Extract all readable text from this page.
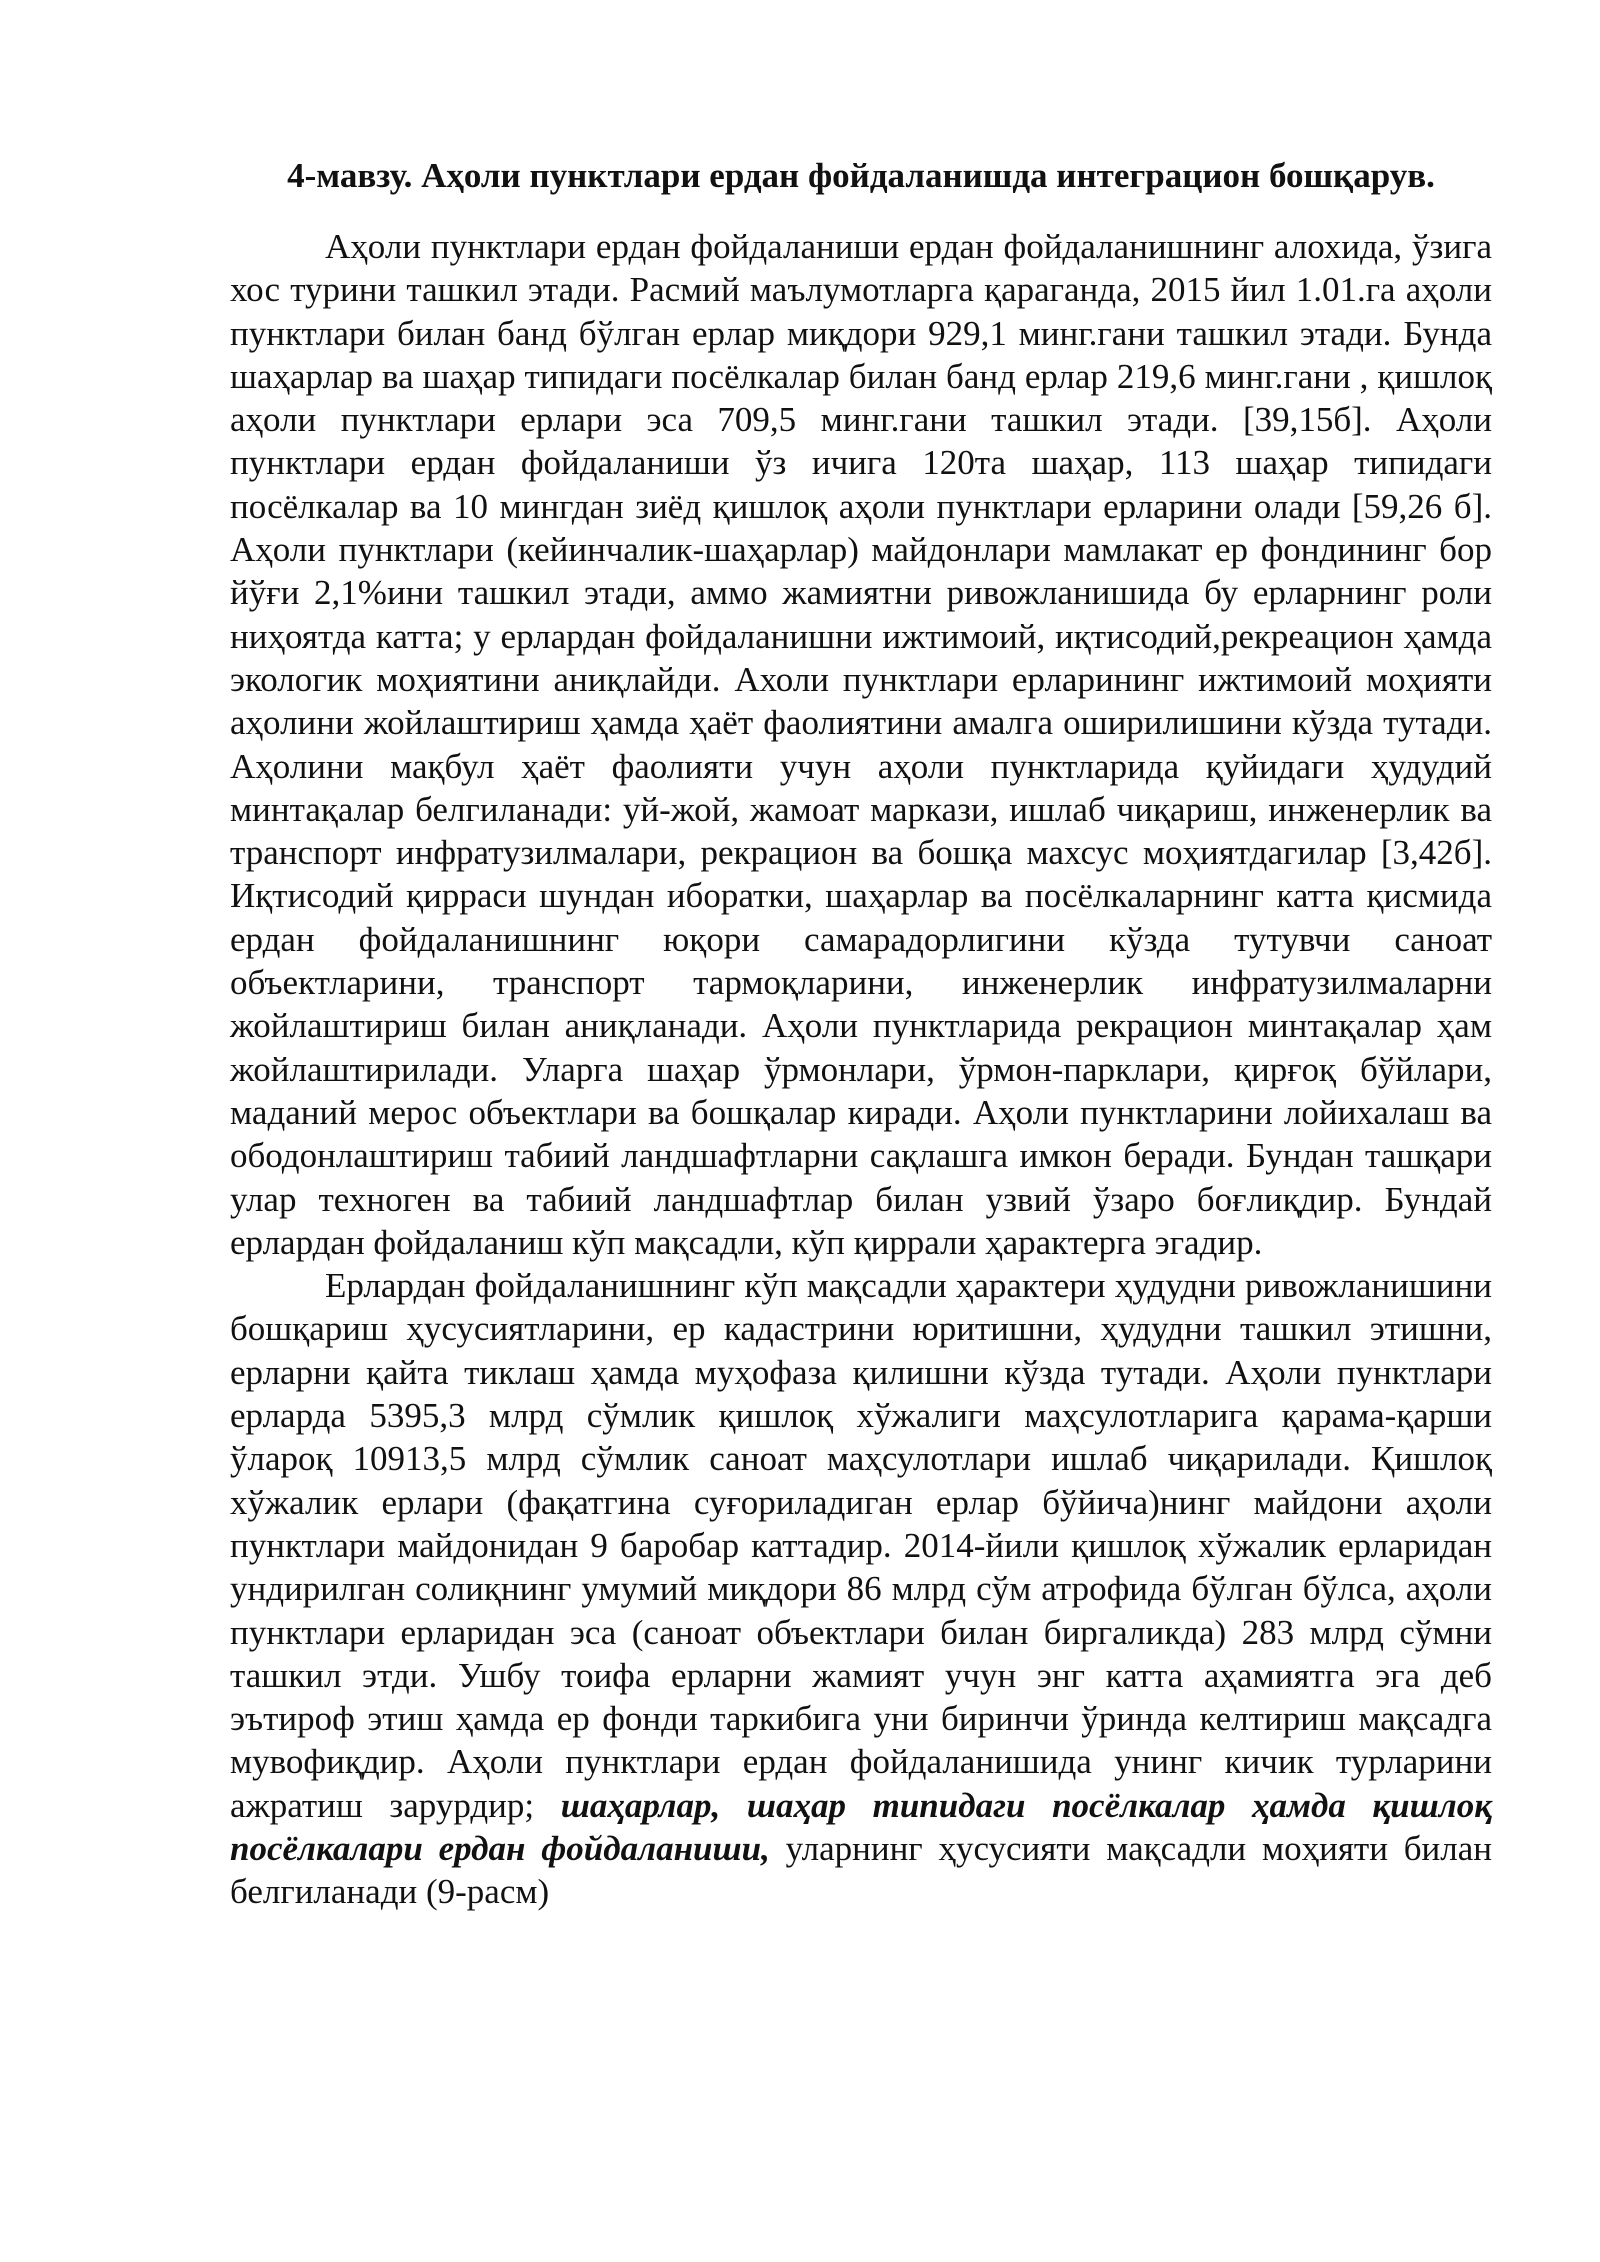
4-мавзу. Аҳоли пунктлари ердан фойдаланишда интеграцион бошқарув.

Аҳоли пунктлари ердан фойдаланиши ердан фойдаланишнинг алохида, ўзига хос турини ташкил этади. Расмий маълумотларга қараганда, 2015 йил 1.01.га аҳоли пунктлари билан банд бўлган ерлар миқдори 929,1 минг.гани ташкил этади. Бунда шаҳарлар ва шаҳар типидаги посёлкалар билан банд ерлар 219,6 минг.гани , қишлоқ аҳоли пунктлари ерлари эса 709,5 минг.гани ташкил этади. [39,15б]. Аҳоли пунктлари ердан фойдаланиши ўз ичига 120та шаҳар, 113 шаҳар типидаги посёлкалар ва 10 мингдан зиёд қишлоқ аҳоли пунктлари ерларини олади [59,26 б]. Аҳоли пунктлари (кейинчалик-шаҳарлар) майдонлари мамлакат ер фондининг бор йўғи 2,1%ини ташкил этади, аммо жамиятни ривожланишида бу ерларнинг роли ниҳоятда катта; у ерлардан фойдаланишни ижтимоий, иқтисодий,рекреацион ҳамда экологик моҳиятини аниқлайди. Ахоли пунктлари ерларининг ижтимоий моҳияти аҳолини жойлаштириш ҳамда ҳаёт фаолиятини амалга оширилишини кўзда тутади. Аҳолини мақбул ҳаёт фаолияти учун аҳоли пунктларида қуйидаги ҳудудий минтақалар белгиланади: уй-жой, жамоат маркази, ишлаб чиқариш, инженерлик ва транспорт инфратузилмалари, рекрацион ва бошқа махсус моҳиятдагилар [3,42б]. Иқтисодий қирраси шундан иборатки, шаҳарлар ва посёлкаларнинг катта қисмида ердан фойдаланишнинг юқори самарадорлигини кўзда тутувчи саноат объектларини, транспорт тармоқларини, инженерлик инфратузилмаларни жойлаштириш билан аниқланади. Аҳоли пунктларида рекрацион минтақалар ҳам жойлаштирилади. Уларга шаҳар ўрмонлари, ўрмон-парклари, қирғоқ бўйлари, маданий мерос объектлари ва бошқалар киради. Аҳоли пунктларини лойихалаш ва ободонлаштириш табиий ландшафтларни сақлашга имкон беради. Бундан ташқари улар техноген ва табиий ландшафтлар билан узвий ўзаро боғлиқдир. Бундай ерлардан фойдаланиш кўп мақсадли, кўп қиррали ҳарактерга эгадир.

Ерлардан фойдаланишнинг кўп мақсадли ҳарактери ҳудудни ривожланишини бошқариш ҳусусиятларини, ер кадастрини юритишни, ҳудудни ташкил этишни, ерларни қайта тиклаш ҳамда муҳофаза қилишни кўзда тутади. Аҳоли пунктлари ерларда 5395,3 млрд сўмлик қишлоқ хўжалиги маҳсулотларига қарама-қарши ўлароқ 10913,5 млрд сўмлик саноат маҳсулотлари ишлаб чиқарилади. Қишлоқ хўжалик ерлари (фақатгина суғориладиган ерлар бўйича)нинг майдони аҳоли пунктлари майдонидан 9 баробар каттадир. 2014-йили қишлоқ хўжалик ерларидан ундирилган солиқнинг умумий миқдори 86 млрд сўм атрофида бўлган бўлса, аҳоли пунктлари ерларидан эса (саноат объектлари билан биргаликда) 283 млрд сўмни ташкил этди. Ушбу тоифа ерларни жамият учун энг катта аҳамиятга эга деб эътироф этиш ҳамда ер фонди таркибига уни биринчи ўринда келтириш мақсадга мувофиқдир. Аҳоли пунктлари ердан фойдаланишида унинг кичик турларини ажратиш зарурдир; шаҳарлар, шаҳар типидаги посёлкалар ҳамда қишлоқ посёлкалари ердан фойдаланиши, уларнинг ҳусусияти мақсадли моҳияти билан белгиланади (9-расм)
